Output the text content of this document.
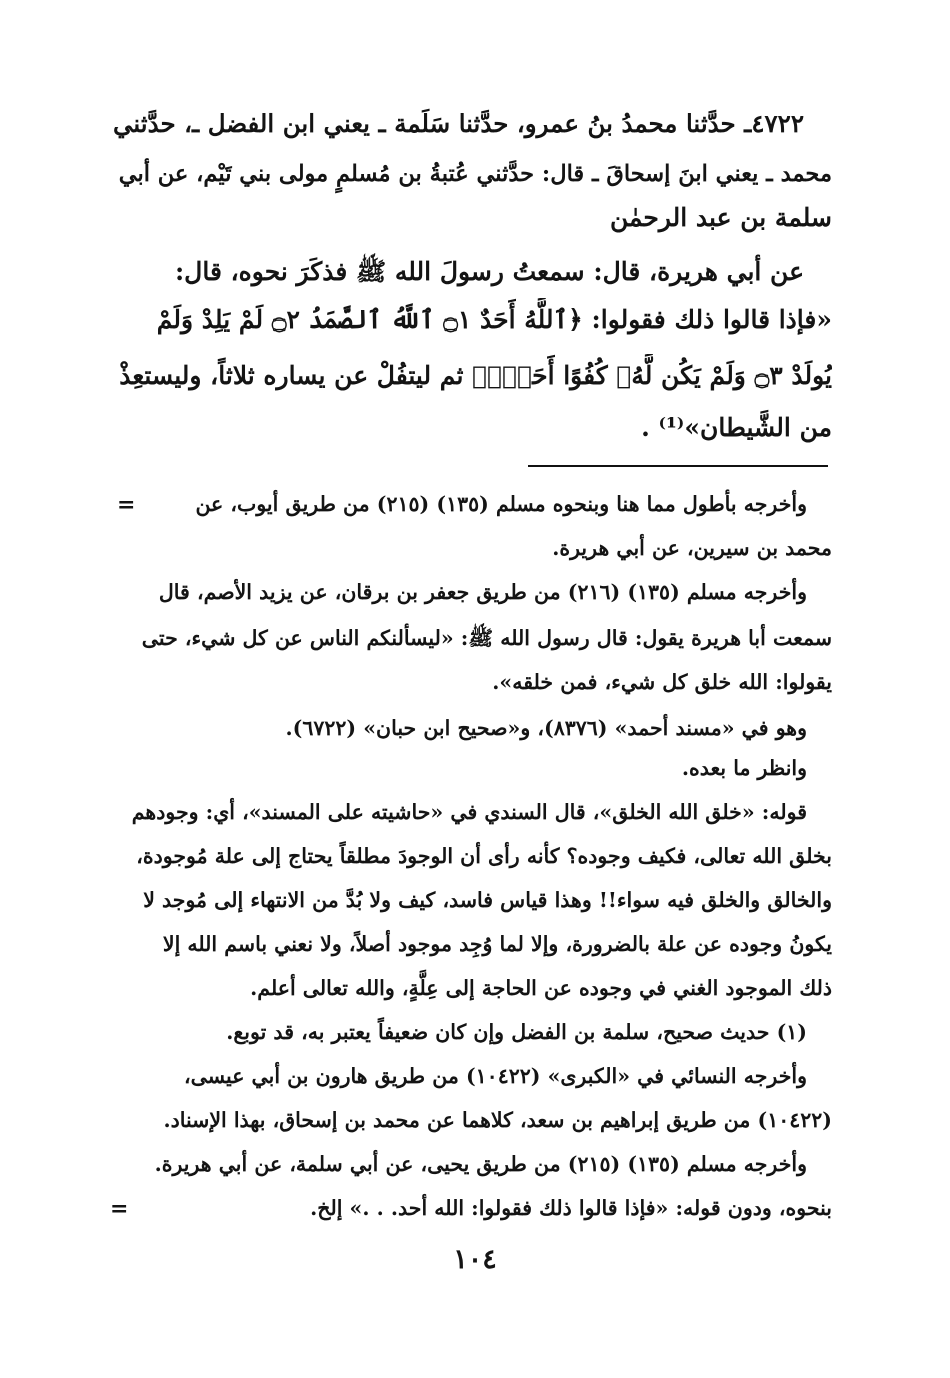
٤٧٢٢ـ حدَّثنا محمدُ بنُ عمرو، حدَّثنا سَلَمة ـ يعني ابن الفضل ـ، حدَّثني
محمد ـ يعني ابنَ إسحاقَ ـ قال: حدَّثني عُتبةُ بن مُسلمٍ مولى بني تَيْم، عن أبي
سلمة بن عبد الرحمٰن
عن أبي هريرة، قال: سمعتُ رسولَ الله ﷺ فذكَرَ نحوه، قال:
«فإذا قالوا ذلك فقولوا: ﴿ٱللَّهُ أَحَدٌ ۝١ ٱللَّهُ ٱلصَّمَدُ ۝٢ لَمْ يَلِدْ وَلَمْ
يُولَدْ ۝٣ وَلَمْ يَكُن لَّهُۥ كُفُوًا أَحَدٌۢ﴾ ثم ليتفُلْ عن يساره ثلاثاً، وليستعِذْ
من الشَّيطان»⁽¹⁾ .
=	وأخرجه بأطول مما هنا وبنحوه مسلم (١٣٥) (٢١٥) من طريق أيوب، عن
محمد بن سيرين، عن أبي هريرة.
وأخرجه مسلم (١٣٥) (٢١٦) من طريق جعفر بن برقان، عن يزيد الأصم، قال
سمعت أبا هريرة يقول: قال رسول الله ﷺ: «ليسألنكم الناس عن كل شيء، حتى
يقولوا: الله خلق كل شيء، فمن خلقه».
وهو في «مسند أحمد» (٨٣٧٦)، و«صحيح ابن حبان» (٦٧٢٢).
وانظر ما بعده.
قوله: «خلق الله الخلق»، قال السندي في «حاشيته على المسند»، أي: وجودهم
بخلق الله تعالى، فكيف وجوده؟ كأنه رأى أن الوجودَ مطلقاً يحتاج إلى علة مُوجودة،
والخالق والخلق فيه سواء!! وهذا قياس فاسد، كيف ولا بُدَّ من الانتهاء إلى مُوجد لا
يكونُ وجوده عن علة بالضرورة، وإلا لما وُجِد موجود أصلاً، ولا نعني باسم الله إلا
ذلك الموجود الغني في وجوده عن الحاجة إلى عِلَّةٍ، والله تعالى أعلم.
(١) حديث صحيح، سلمة بن الفضل وإن كان ضعيفاً يعتبر به، قد توبع.
وأخرجه النسائي في «الكبرى» (١٠٤٢٢) من طريق هارون بن أبي عيسى،
(١٠٤٢٢) من طريق إبراهيم بن سعد، كلاهما عن محمد بن إسحاق، بهذا الإسناد.
وأخرجه مسلم (١٣٥) (٢١٥) من طريق يحيى، عن أبي سلمة، عن أبي هريرة.
بنحوه، ودون قوله: «فإذا قالوا ذلك فقولوا: الله أحد. . .» إلخ.
=
١٠٤
